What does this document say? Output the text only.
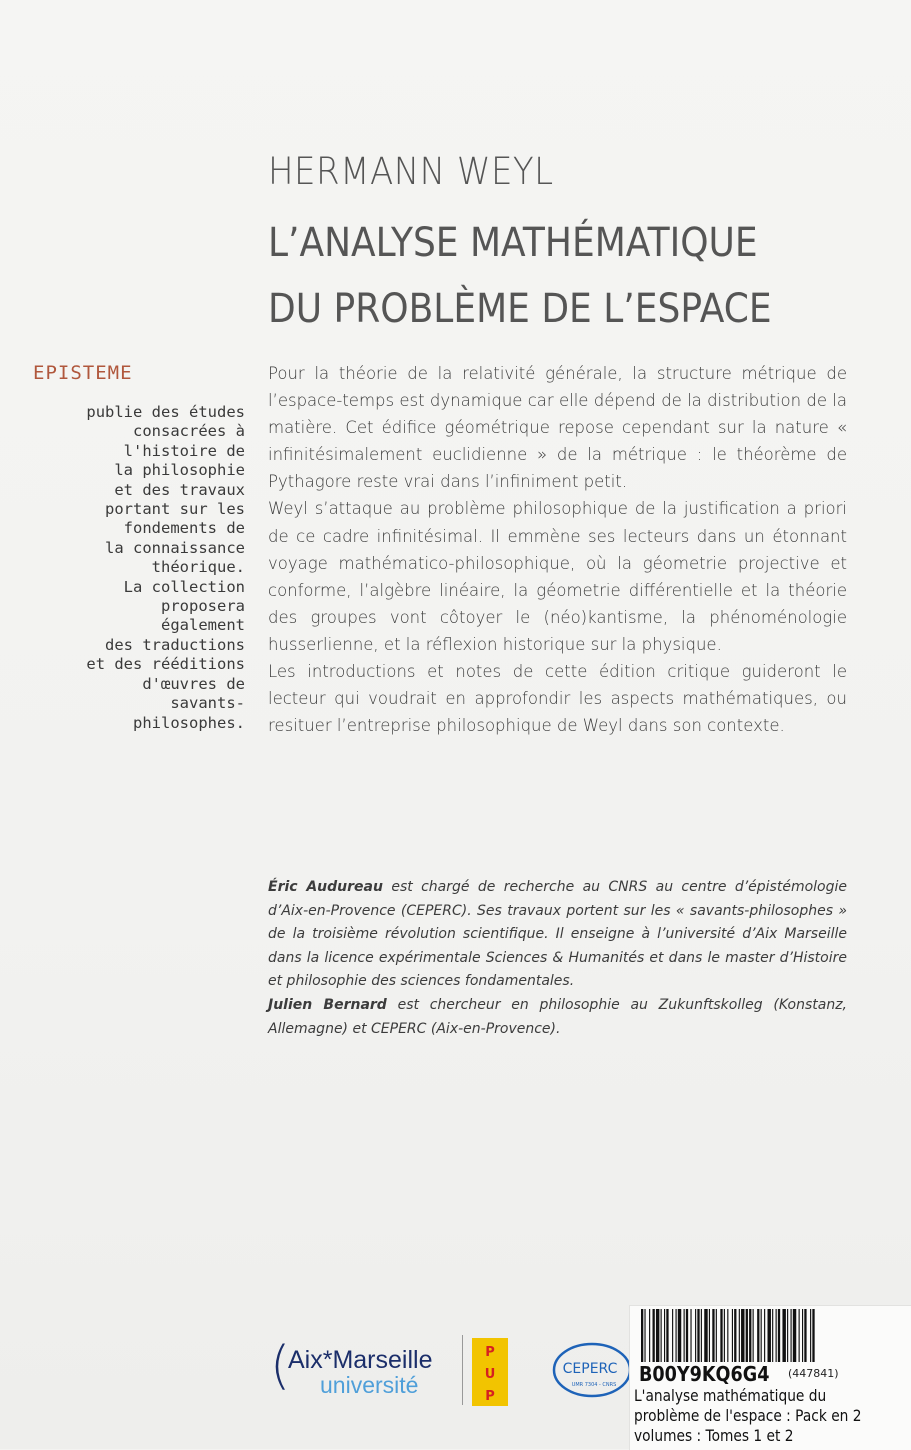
HERMANN WEYL
L’ANALYSE MATHÉMATIQUE
DU PROBLÈME DE L’ESPACE
EPISTEME
publie des études
consacrées à
l'histoire de
la philosophie
et des travaux
portant sur les
fondements de
la connaissance
théorique.
La collection
proposera
également
des traductions
et des rééditions
d'œuvres de
savants-
philosophes.

Pour la théorie de la relativité générale, la structure métrique de l’espace-temps est dynamique car elle dépend de la distribution de la matière. Cet édifice géométrique repose cependant sur la nature « infinitésimalement euclidienne » de la métrique : le théorème de Pythagore reste vrai dans l’infiniment petit.

Weyl s’attaque au problème philosophique de la justification a priori de ce cadre infinitésimal. Il emmène ses lecteurs dans un étonnant voyage mathématico-philosophique, où la géometrie projective et conforme, l’algèbre linéaire, la géometrie différentielle et la théorie des groupes vont côtoyer le (néo)kantisme, la phénoménologie husserlienne, et la réflexion historique sur la physique.

Les introductions et notes de cette édition critique guideront le lecteur qui voudrait en approfondir les aspects mathématiques, ou resituer l’entreprise philosophique de Weyl dans son contexte.

Éric Audureau est chargé de recherche au CNRS au centre d’épistémologie d’Aix-en-Provence (CEPERC). Ses travaux portent sur les « savants-philosophes » de la troisième révolution scientifique. Il enseigne à l’université d’Aix Marseille dans la licence expérimentale Sciences & Humanités et dans le master d’Histoire et philosophie des sciences fondamentales.

Julien Bernard est chercheur en philosophie au Zukunftskolleg (Konstanz, Allemagne) et CEPERC (Aix-en-Provence).

(
Aix*Marseille
université
P
U
P
CEPERC
UMR 7304 - CNRS B00Y9KQ6G4 (447841)
L'analyse mathématique du
problème de l'espace : Pack en 2
volumes : Tomes 1 et 2
